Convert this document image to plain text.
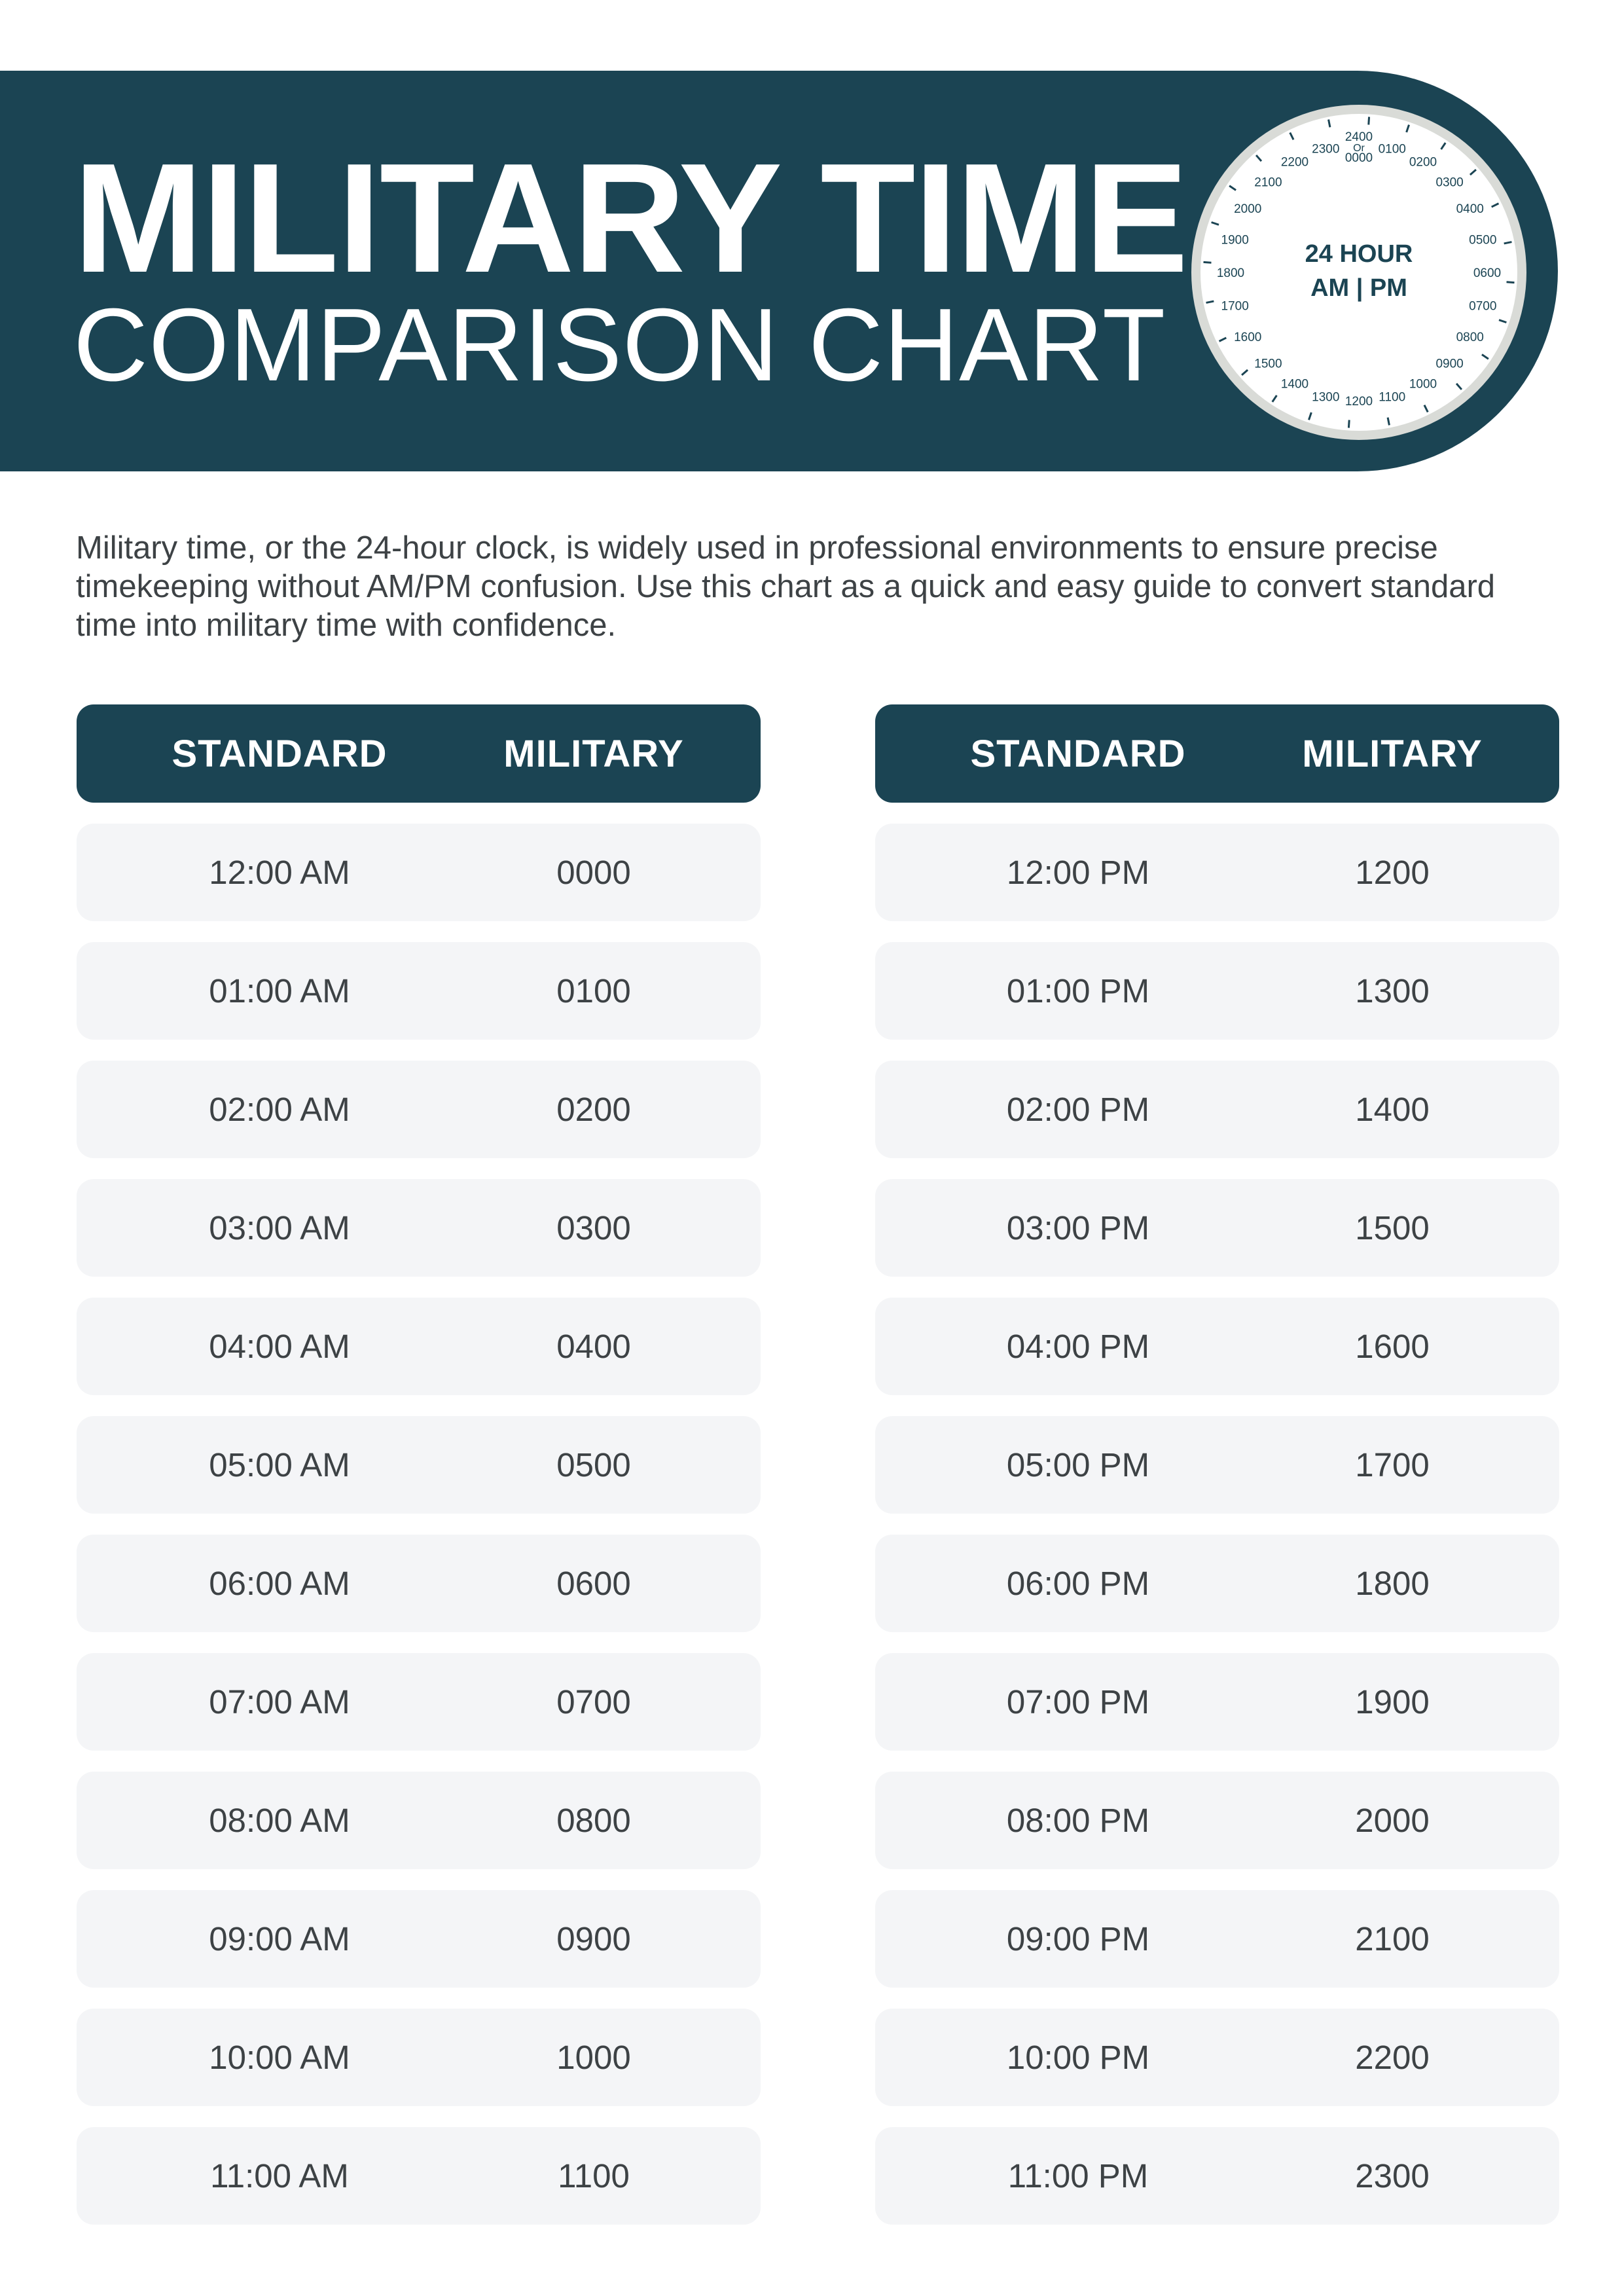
MILITARY TIME
COMPARISON CHART
0100
0200
0300
0400
0500
0600
0700
0800
0900
1000
1100
1200
1300
1400
1500
1600
1700
1800
1900
2000
2100
2200
2300
2400
Or
0000
24 HOUR
AM | PM

Military time, or the 24-hour clock, is widely used in professional environments to ensure precise timekeeping without AM/PM confusion. Use this chart as a quick and easy guide to convert standard time into military time with confidence.

STANDARD	MILITARY
12:00 AM	0000
01:00 AM	0100
02:00 AM	0200
03:00 AM	0300
04:00 AM	0400
05:00 AM	0500
06:00 AM	0600
07:00 AM	0700
08:00 AM	0800
09:00 AM	0900
10:00 AM	1000
11:00 AM	1100
STANDARD	MILITARY
12:00 PM	1200
01:00 PM	1300
02:00 PM	1400
03:00 PM	1500
04:00 PM	1600
05:00 PM	1700
06:00 PM	1800
07:00 PM	1900
08:00 PM	2000
09:00 PM	2100
10:00 PM	2200
11:00 PM	2300
